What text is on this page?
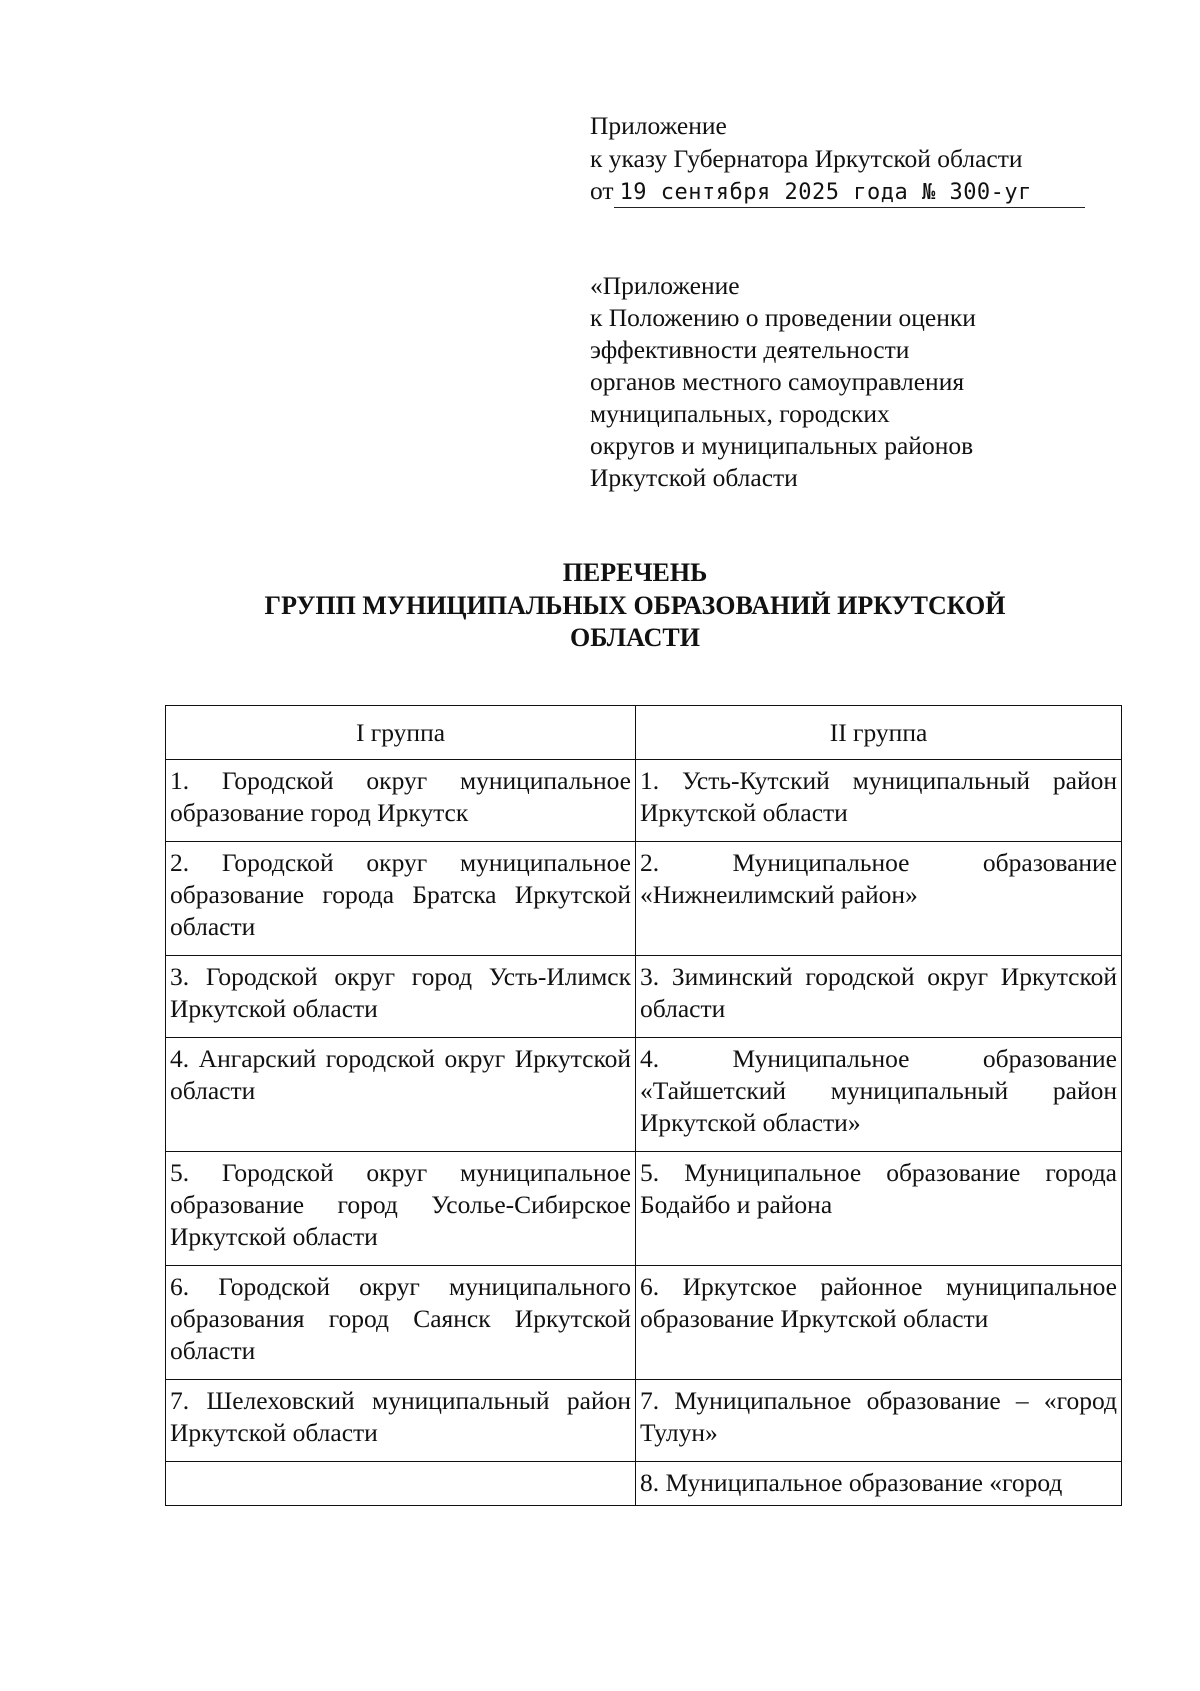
Приложение
к указу Губернатора Иркутской области
от 19 сентября 2025 года № 300-уг
«Приложение
к Положению о проведении оценки
эффективности деятельности
органов местного самоуправления
муниципальных, городских
округов и муниципальных районов
Иркутской области
ПЕРЕЧЕНЬ
ГРУПП МУНИЦИПАЛЬНЫХ ОБРАЗОВАНИЙ ИРКУТСКОЙ
ОБЛАСТИ
I группа	II группа
1. Городской округ муниципальное образование город Иркутск	1. Усть-Кутский муниципальный район Иркутской области
2. Городской округ муниципальное образование города Братска Иркутской области	2. Муниципальное образование «Нижнеилимский район»
3. Городской округ город Усть-Илимск Иркутской области	3. Зиминский городской округ Иркутской области
4. Ангарский городской округ Иркутской области	4. Муниципальное образование «Тайшетский муниципальный район Иркутской области»
5. Городской округ муниципальное образование город Усолье-Сибирское Иркутской области	5. Муниципальное образование города Бодайбо и района
6. Городской округ муниципального образования город Саянск Иркутской области	6. Иркутское районное муниципальное образование Иркутской области
7. Шелеховский муниципальный район Иркутской области	7. Муниципальное образование – «город Тулун»
	8. Муниципальное образование «город
